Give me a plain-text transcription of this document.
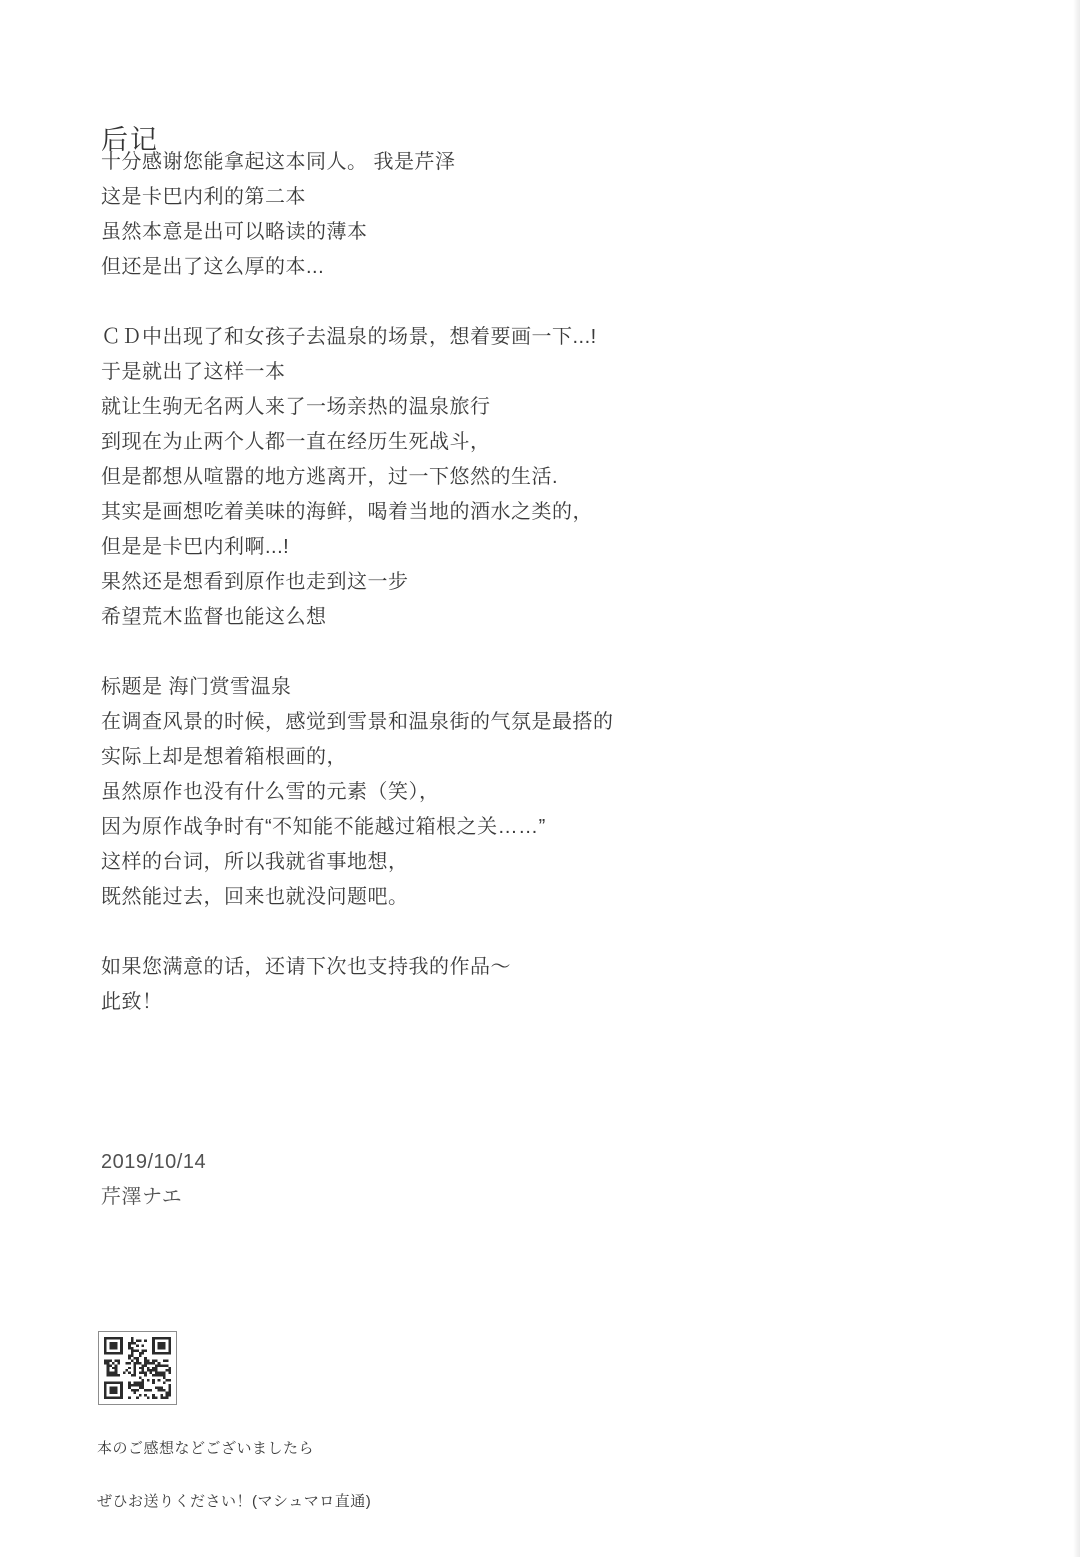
后记
十分感谢您能拿起这本同人。 我是芹泽
这是卡巴内利的第二本
虽然本意是出可以略读的薄本
但还是出了这么厚的本...
ＣＤ中出现了和女孩子去温泉的场景，想着要画一下...!
于是就出了这样一本
就让生驹无名两人来了一场亲热的温泉旅行
到现在为止两个人都一直在经历生死战斗，
但是都想从喧嚣的地方逃离开，过一下悠然的生活.
其实是画想吃着美味的海鲜，喝着当地的酒水之类的，
但是是卡巴内利啊...!
果然还是想看到原作也走到这一步
希望荒木监督也能这么想
标题是 海门赏雪温泉
在调查风景的时候，感觉到雪景和温泉街的气氛是最搭的
实际上却是想着箱根画的，
虽然原作也没有什么雪的元素（笑），
因为原作战争时有“不知能不能越过箱根之关……”
这样的台词，所以我就省事地想，
既然能过去，回来也就没问题吧。
如果您满意的话，还请下次也支持我的作品〜
此致！
2019/10/14
芹澤ナエ

本のご感想などございましたら

ぜひお送りください！(マシュマロ直通)
